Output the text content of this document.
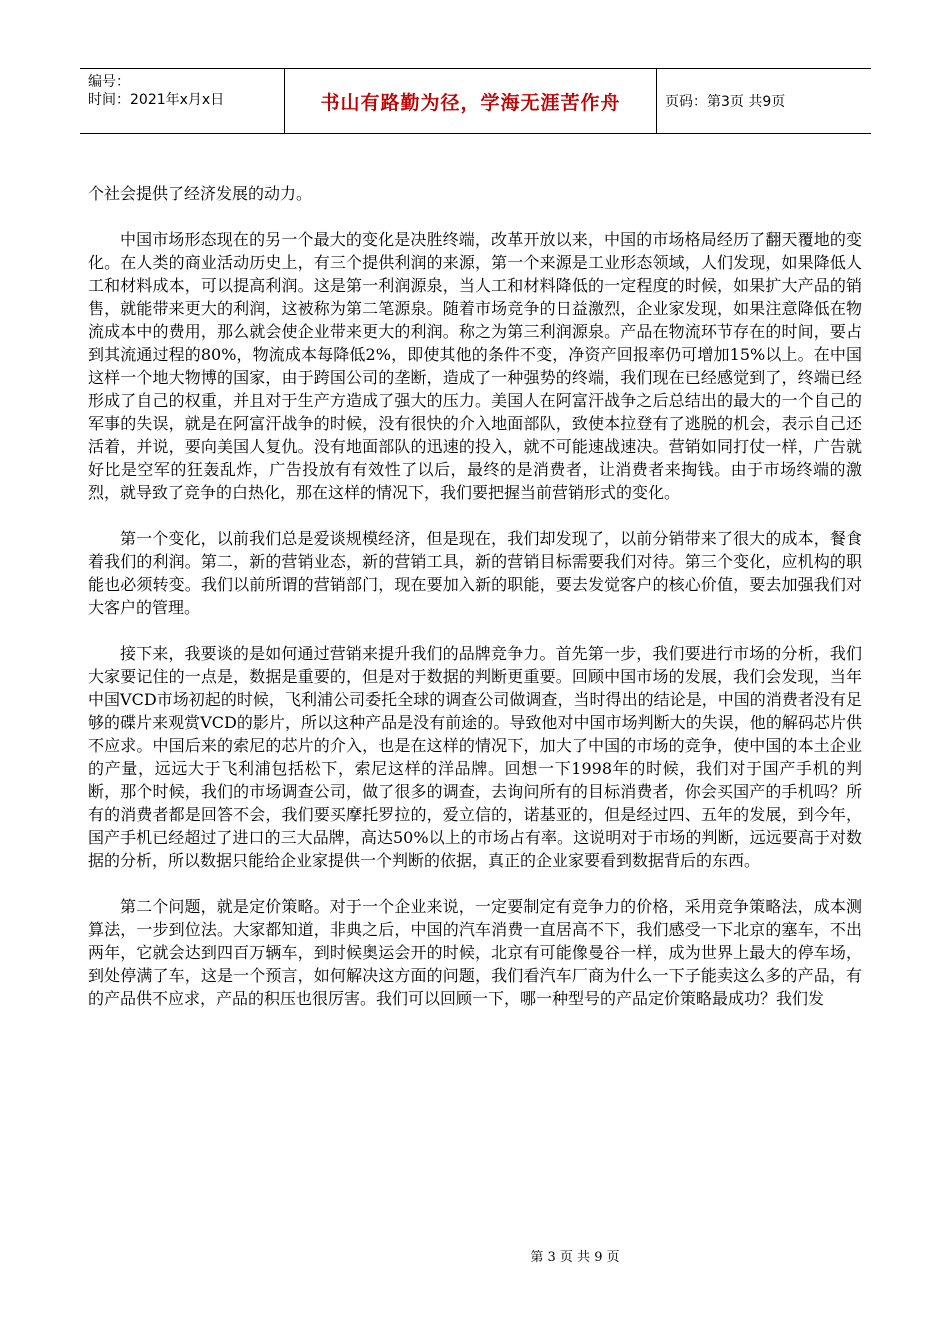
编号：
时间：2021年x月x日	书山有路勤为径，学海无涯苦作舟	页码：第3页 共9页

个社会提供了经济发展的动力。

中国市场形态现在的另一个最大的变化是决胜终端，改革开放以来，中国的市场格局经历了翻天覆地的变化。在人类的商业活动历史上，有三个提供利润的来源，第一个来源是工业形态领域，人们发现，如果降低人工和材料成本，可以提高利润。这是第一利润源泉，当人工和材料降低的一定程度的时候，如果扩大产品的销售，就能带来更大的利润，这被称为第二笔源泉。随着市场竞争的日益激烈，企业家发现，如果注意降低在物流成本中的费用，那么就会使企业带来更大的利润。称之为第三利润源泉。产品在物流环节存在的时间，要占到其流通过程的80%，物流成本每降低2%，即使其他的条件不变，净资产回报率仍可增加15%以上。在中国这样一个地大物博的国家，由于跨国公司的垄断，造成了一种强势的终端，我们现在已经感觉到了，终端已经形成了自己的权重，并且对于生产方造成了强大的压力。美国人在阿富汗战争之后总结出的最大的一个自己的军事的失误，就是在阿富汗战争的时候，没有很快的介入地面部队，致使本拉登有了逃脱的机会，表示自己还活着，并说，要向美国人复仇。没有地面部队的迅速的投入，就不可能速战速决。营销如同打仗一样，广告就好比是空军的狂轰乱炸，广告投放有有效性了以后，最终的是消费者，让消费者来掏钱。由于市场终端的激烈，就导致了竞争的白热化，那在这样的情况下，我们要把握当前营销形式的变化。

第一个变化，以前我们总是爱谈规模经济，但是现在，我们却发现了，以前分销带来了很大的成本，餐食着我们的利润。第二，新的营销业态，新的营销工具，新的营销目标需要我们对待。第三个变化，应机构的职能也必须转变。我们以前所谓的营销部门，现在要加入新的职能，要去发觉客户的核心价值，要去加强我们对大客户的管理。

接下来，我要谈的是如何通过营销来提升我们的品牌竞争力。首先第一步，我们要进行市场的分析，我们大家要记住的一点是，数据是重要的，但是对于数据的判断更重要。回顾中国市场的发展，我们会发现，当年中国VCD市场初起的时候，飞利浦公司委托全球的调查公司做调查，当时得出的结论是，中国的消费者没有足够的碟片来观赏VCD的影片，所以这种产品是没有前途的。导致他对中国市场判断大的失误，他的解码芯片供不应求。中国后来的索尼的芯片的介入，也是在这样的情况下，加大了中国的市场的竞争，使中国的本土企业的产量，远远大于飞利浦包括松下，索尼这样的洋品牌。回想一下1998年的时候，我们对于国产手机的判断，那个时候，我们的市场调查公司，做了很多的调查，去询问所有的目标消费者，你会买国产的手机吗？所有的消费者都是回答不会，我们要买摩托罗拉的，爱立信的，诺基亚的，但是经过四、五年的发展，到今年，国产手机已经超过了进口的三大品牌，高达50%以上的市场占有率。这说明对于市场的判断，远远要高于对数据的分析，所以数据只能给企业家提供一个判断的依据，真正的企业家要看到数据背后的东西。

第二个问题，就是定价策略。对于一个企业来说，一定要制定有竞争力的价格，采用竞争策略法，成本测算法，一步到位法。大家都知道，非典之后，中国的汽车消费一直居高不下，我们感受一下北京的塞车，不出两年，它就会达到四百万辆车，到时候奥运会开的时候，北京有可能像曼谷一样，成为世界上最大的停车场，到处停满了车，这是一个预言，如何解决这方面的问题，我们看汽车厂商为什么一下子能卖这么多的产品，有的产品供不应求，产品的积压也很厉害。我们可以回顾一下，哪一种型号的产品定价策略最成功？我们发

第 3 页 共 9 页
